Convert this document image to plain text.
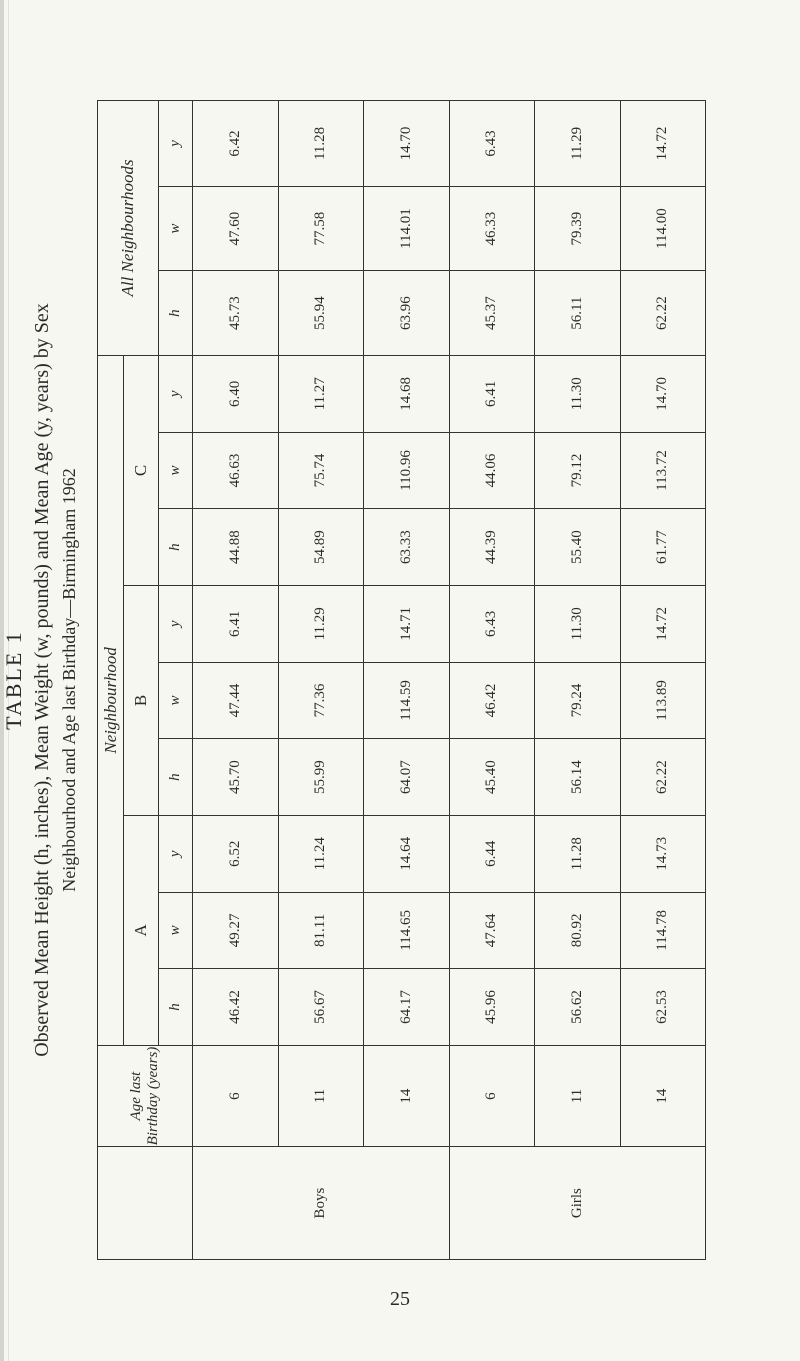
	Age last Birthday (years)	Neighbourhood									All Neighbourhoods		
		A			B			C					
		h	w	y	h	w	y	h	w	y	h	w	y
Boys	6	46.42	49.27	6.52	45.70	47.44	6.41	44.88	46.63	6.40	45.73	47.60	6.42
	11	56.67	81.11	11.24	55.99	77.36	11.29	54.89	75.74	11.27	55.94	77.58	11.28
	14	64.17	114.65	14.64	64.07	114.59	14.71	63.33	110.96	14.68	63.96	114.01	14.70
Girls	6	45.96	47.64	6.44	45.40	46.42	6.43	44.39	44.06	6.41	45.37	46.33	6.43
	11	56.62	80.92	11.28	56.14	79.24	11.30	55.40	79.12	11.30	56.11	79.39	11.29
	14	62.53	114.78	14.73	62.22	113.89	14.72	61.77	113.72	14.70	62.22	114.00	14.72
TABLE 1 Observed Mean Height (h, inches), Mean Weight (w, pounds) and Mean Age (y, years) by Sex Neighbourhood and Age last Birthday—Birmingham 1962
25
